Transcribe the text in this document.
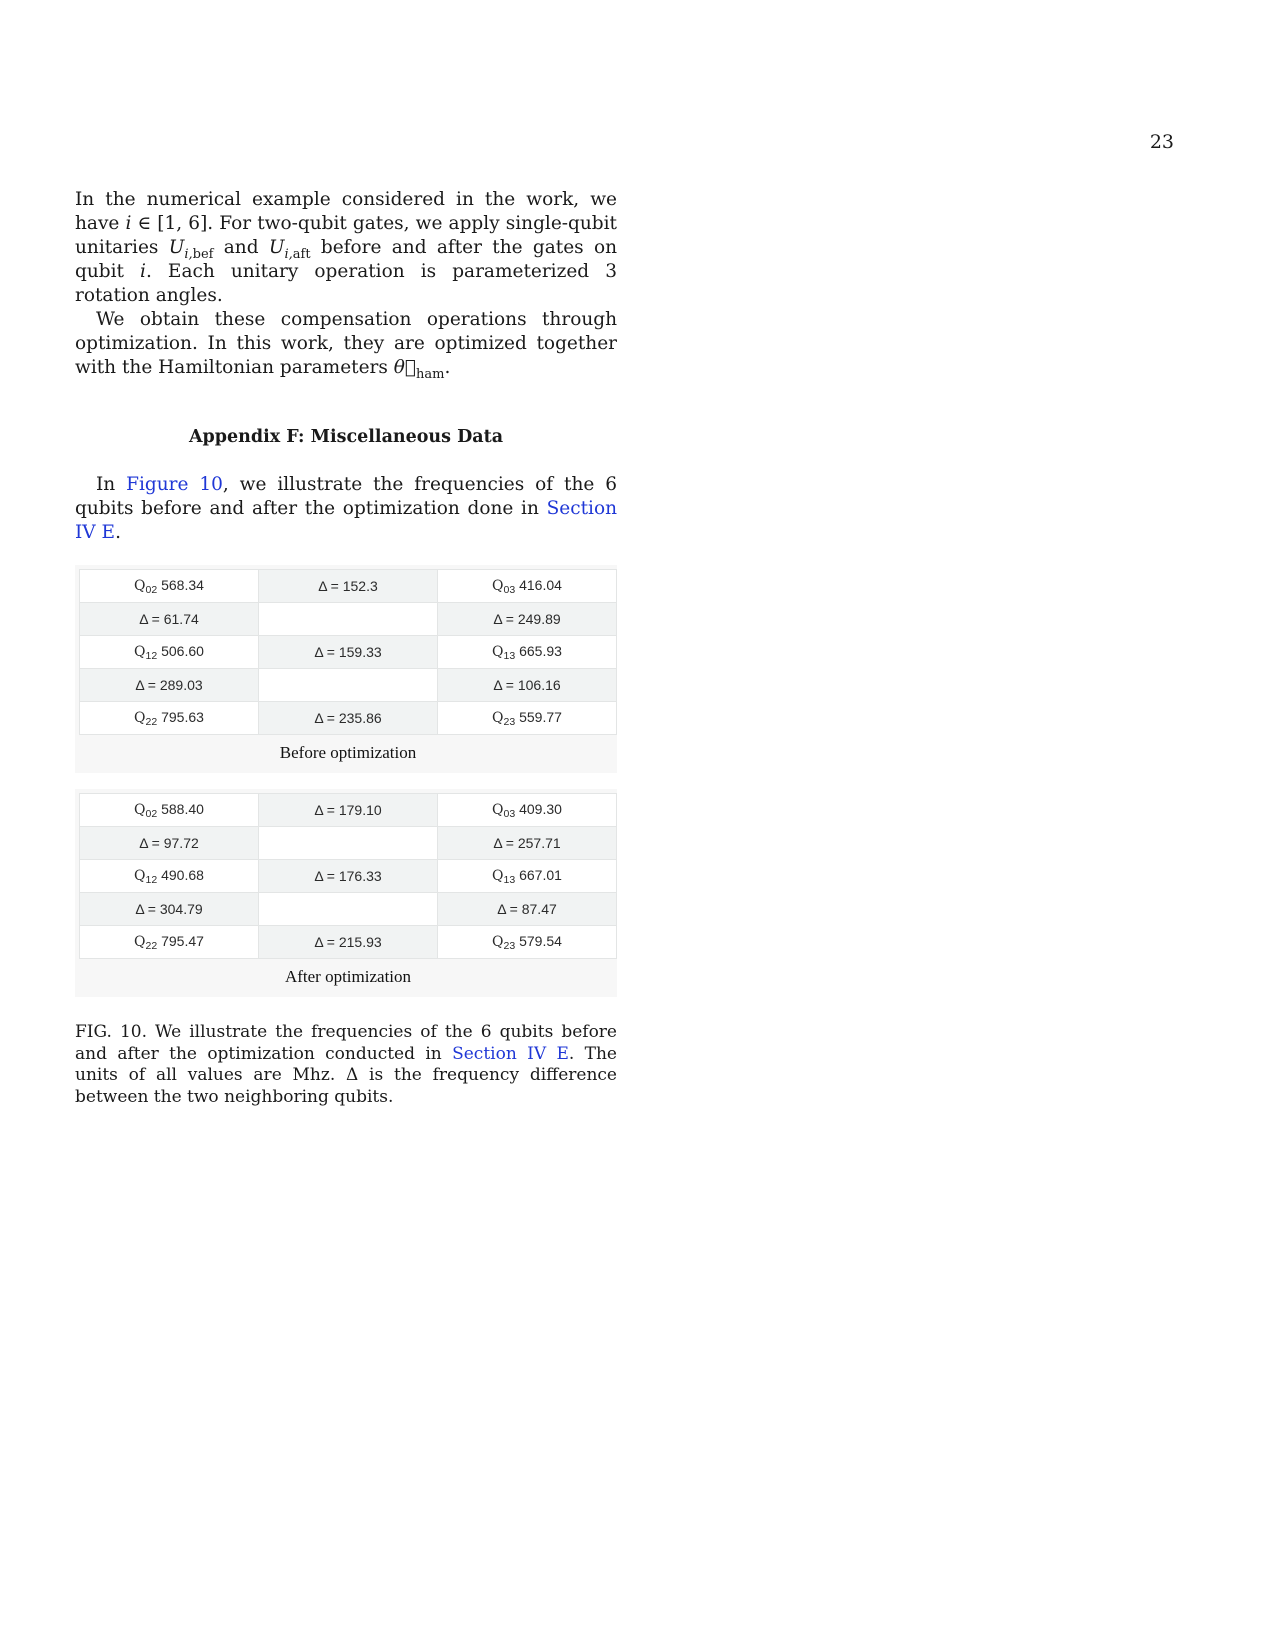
23

In the numerical example considered in the work, we have i ∈ [1, 6]. For two-qubit gates, we apply single-qubit unitaries $U_{i,bef}$ and $U_{i,aft}$ before and after the gates on qubit i. Each unitary operation is parameterized 3 rotation angles.

We obtain these compensation operations through optimization. In this work, they are optimized together with the Hamiltonian parameters $\theta⃗_{ham}$.

Appendix F: Miscellaneous Data

In Figure 10, we illustrate the frequencies of the 6 qubits before and after the optimization done in Section IV E.

$Q_{02}$ 568.34	Δ = 152.3	$Q_{03}$ 416.04
Δ = 61.74		Δ = 249.89
$Q_{12}$ 506.60	Δ = 159.33	$Q_{13}$ 665.93
Δ = 289.03		Δ = 106.16
$Q_{22}$ 795.63	Δ = 235.86	$Q_{23}$ 559.77
Before optimization
$Q_{02}$ 588.40	Δ = 179.10	$Q_{03}$ 409.30
Δ = 97.72		Δ = 257.71
$Q_{12}$ 490.68	Δ = 176.33	$Q_{13}$ 667.01
Δ = 304.79		Δ = 87.47
$Q_{22}$ 795.47	Δ = 215.93	$Q_{23}$ 579.54
After optimization

FIG. 10. We illustrate the frequencies of the 6 qubits before and after the optimization conducted in Section IV E. The units of all values are Mhz. Δ is the frequency difference between the two neighboring qubits.
